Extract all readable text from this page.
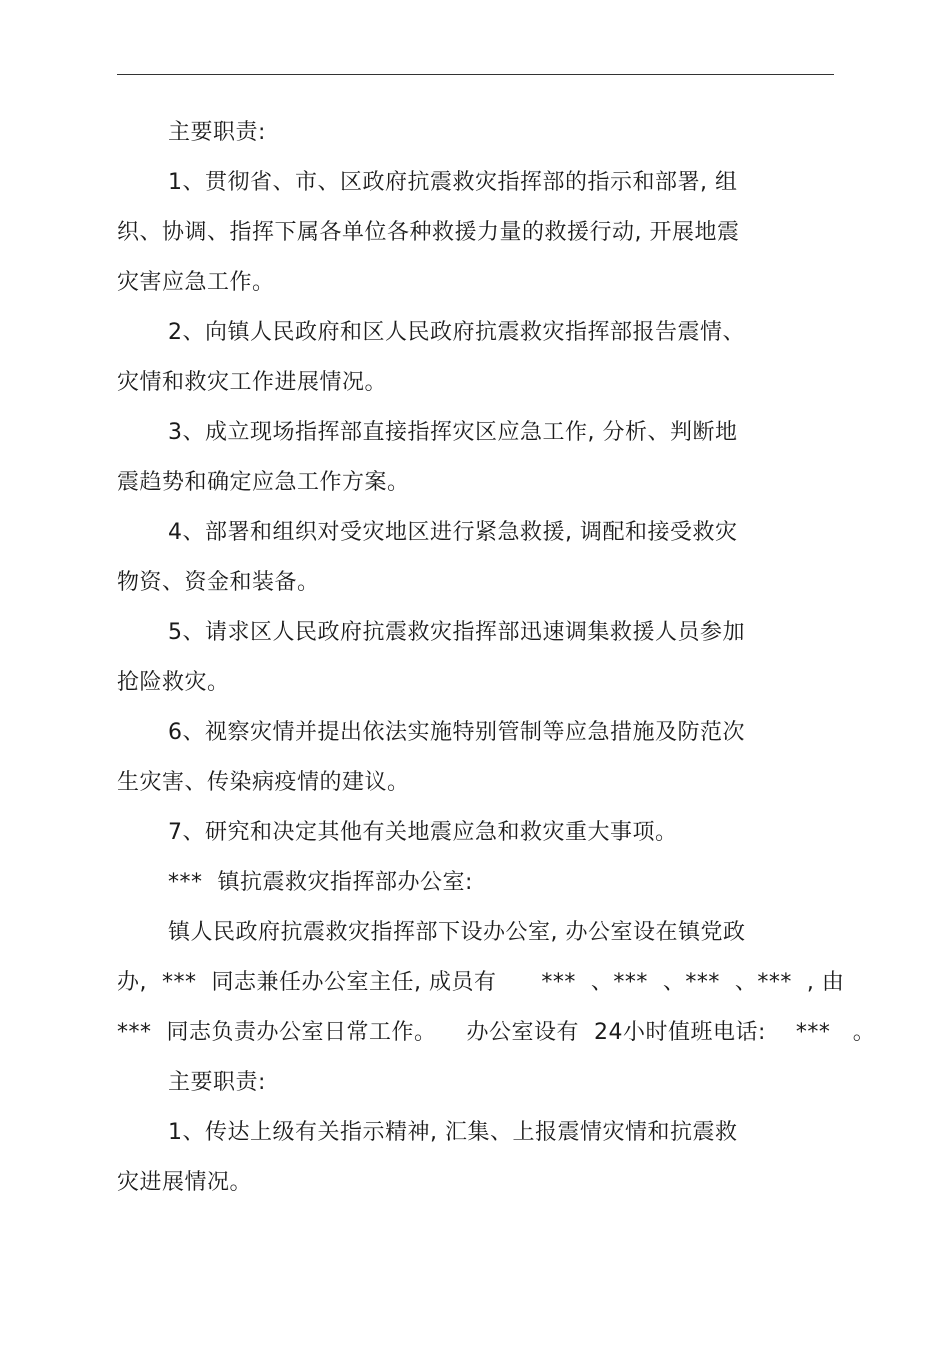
主要职责:
1、贯彻省、市、区政府抗震救灾指挥部的指示和部署, 组
织、协调、指挥下属各单位各种救援力量的救援行动, 开展地震
灾害应急工作。
2、向镇人民政府和区人民政府抗震救灾指挥部报告震情、
灾情和救灾工作进展情况。
3、成立现场指挥部直接指挥灾区应急工作, 分析、判断地
震趋势和确定应急工作方案。
4、部署和组织对受灾地区进行紧急救援, 调配和接受救灾
物资、资金和装备。
5、请求区人民政府抗震救灾指挥部迅速调集救援人员参加
抢险救灾。
6、视察灾情并提出依法实施特别管制等应急措施及防范次
生灾害、传染病疫情的建议。
7、研究和决定其他有关地震应急和救灾重大事项。
***  镇抗震救灾指挥部办公室:
镇人民政府抗震救灾指挥部下设办公室, 办公室设在镇党政
办,  ***  同志兼任办公室主任, 成员有      ***  、***  、***  、***  , 由
***  同志负责办公室日常工作。    办公室设有  24小时值班电话:    ***   。
主要职责:
1、传达上级有关指示精神, 汇集、上报震情灾情和抗震救
灾进展情况。
